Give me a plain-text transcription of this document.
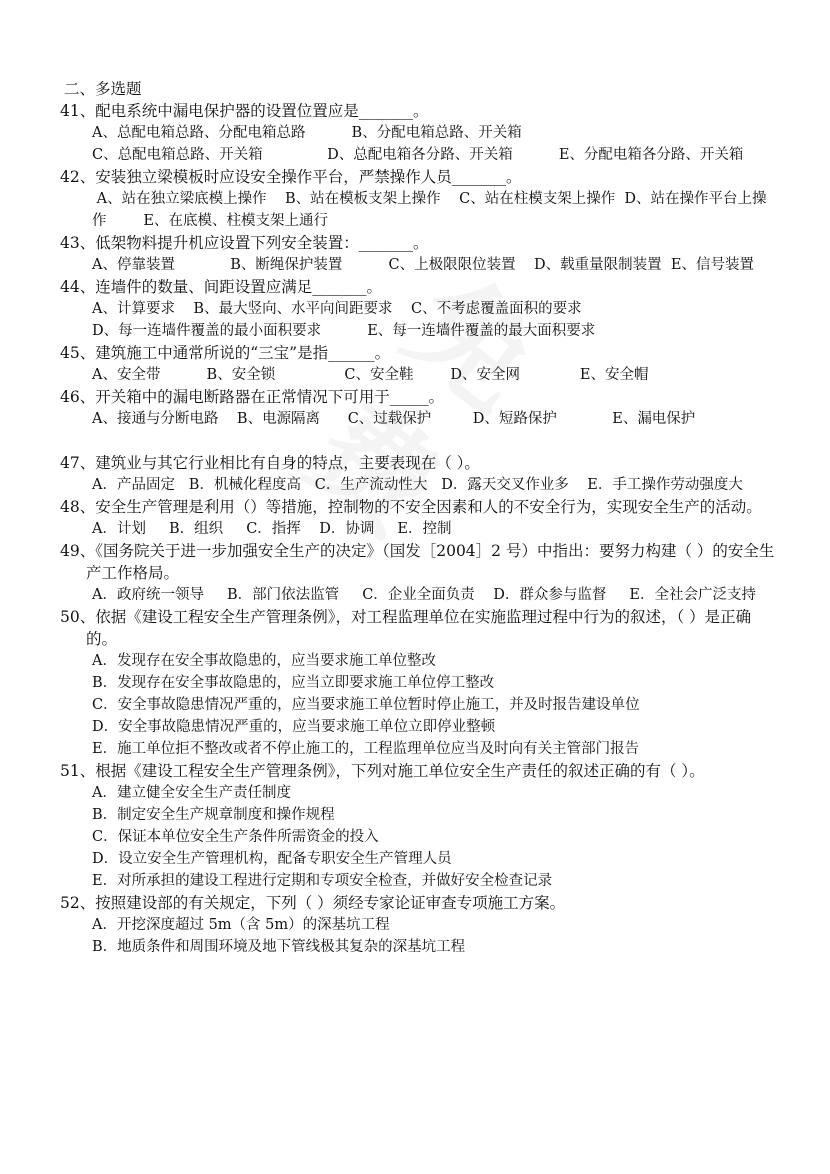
二、多选题

41、配电系统中漏电保护器的设置位置应是_______。

A、总配电箱总路、分配电箱总路          B、分配电箱总路、开关箱
C、总配电箱总路、开关箱              D、总配电箱各分路、开关箱          E、分配电箱各分路、开关箱

42、安装独立梁模板时应设安全操作平台，严禁操作人员_______。

A、站在独立梁底模上操作    B、站在模板支架上操作    C、站在柱模支架上操作  D、站在操作平台上操作        E、在底模、柱模支架上通行

43、低架物料提升机应设置下列安全装置：_______。

A、停靠装置            B、断绳保护装置          C、上极限限位装置    D、载重量限制装置  E、信号装置

44、连墙件的数量、间距设置应满足_______。

A、计算要求    B、最大竖向、水平向间距要求    C、不考虑覆盖面积的要求
D、每一连墙件覆盖的最小面积要求          E、每一连墙件覆盖的最大面积要求

45、建筑施工中通常所说的“三宝”是指______。

A、安全带          B、安全锁               C、安全鞋        D、安全网             E、安全帽

46、开关箱中的漏电断路器在正常情况下可用于_____。

A、接通与分断电路    B、电源隔离      C、过载保护         D、短路保护            E、漏电保护

47、建筑业与其它行业相比有自身的特点，主要表现在（ ）。

A．产品固定   B．机械化程度高   C．生产流动性大   D．露天交叉作业多    E．手工操作劳动强度大

48、安全生产管理是利用（）等措施，控制物的不安全因素和人的不安全行为，实现安全生产的活动。

A．计划     B．组织     C．指挥    D．协调     E．控制

49、《国务院关于进一步加强安全生产的决定》（国发［2004］2 号）中指出：要努力构建（ ）的安全生产工作格局。

A．政府统一领导     B．部门依法监管     C．企业全面负责    D．群众参与监督     E．全社会广泛支持

50、依据《建设工程安全生产管理条例》，对工程监理单位在实施监理过程中行为的叙述，（ ）是正确的。

A．发现存在安全事故隐患的，应当要求施工单位整改

B．发现存在安全事故隐患的，应当立即要求施工单位停工整改

C．安全事故隐患情况严重的，应当要求施工单位暂时停止施工，并及时报告建设单位

D．安全事故隐患情况严重的，应当要求施工单位立即停业整顿

E．施工单位拒不整改或者不停止施工的，工程监理单位应当及时向有关主管部门报告

51、根据《建设工程安全生产管理条例》，下列对施工单位安全生产责任的叙述正确的有（ ）。

A．建立健全安全生产责任制度

B．制定安全生产规章制度和操作规程

C．保证本单位安全生产条件所需资金的投入

D．设立安全生产管理机构，配备专职安全生产管理人员

E．对所承担的建设工程进行定期和专项安全检查，并做好安全检查记录

52、按照建设部的有关规定，下列（ ）须经专家论证审查专项施工方案。

A．开挖深度超过 5m（含 5m）的深基坑工程

B．地质条件和周围环境及地下管线极其复杂的深基坑工程
